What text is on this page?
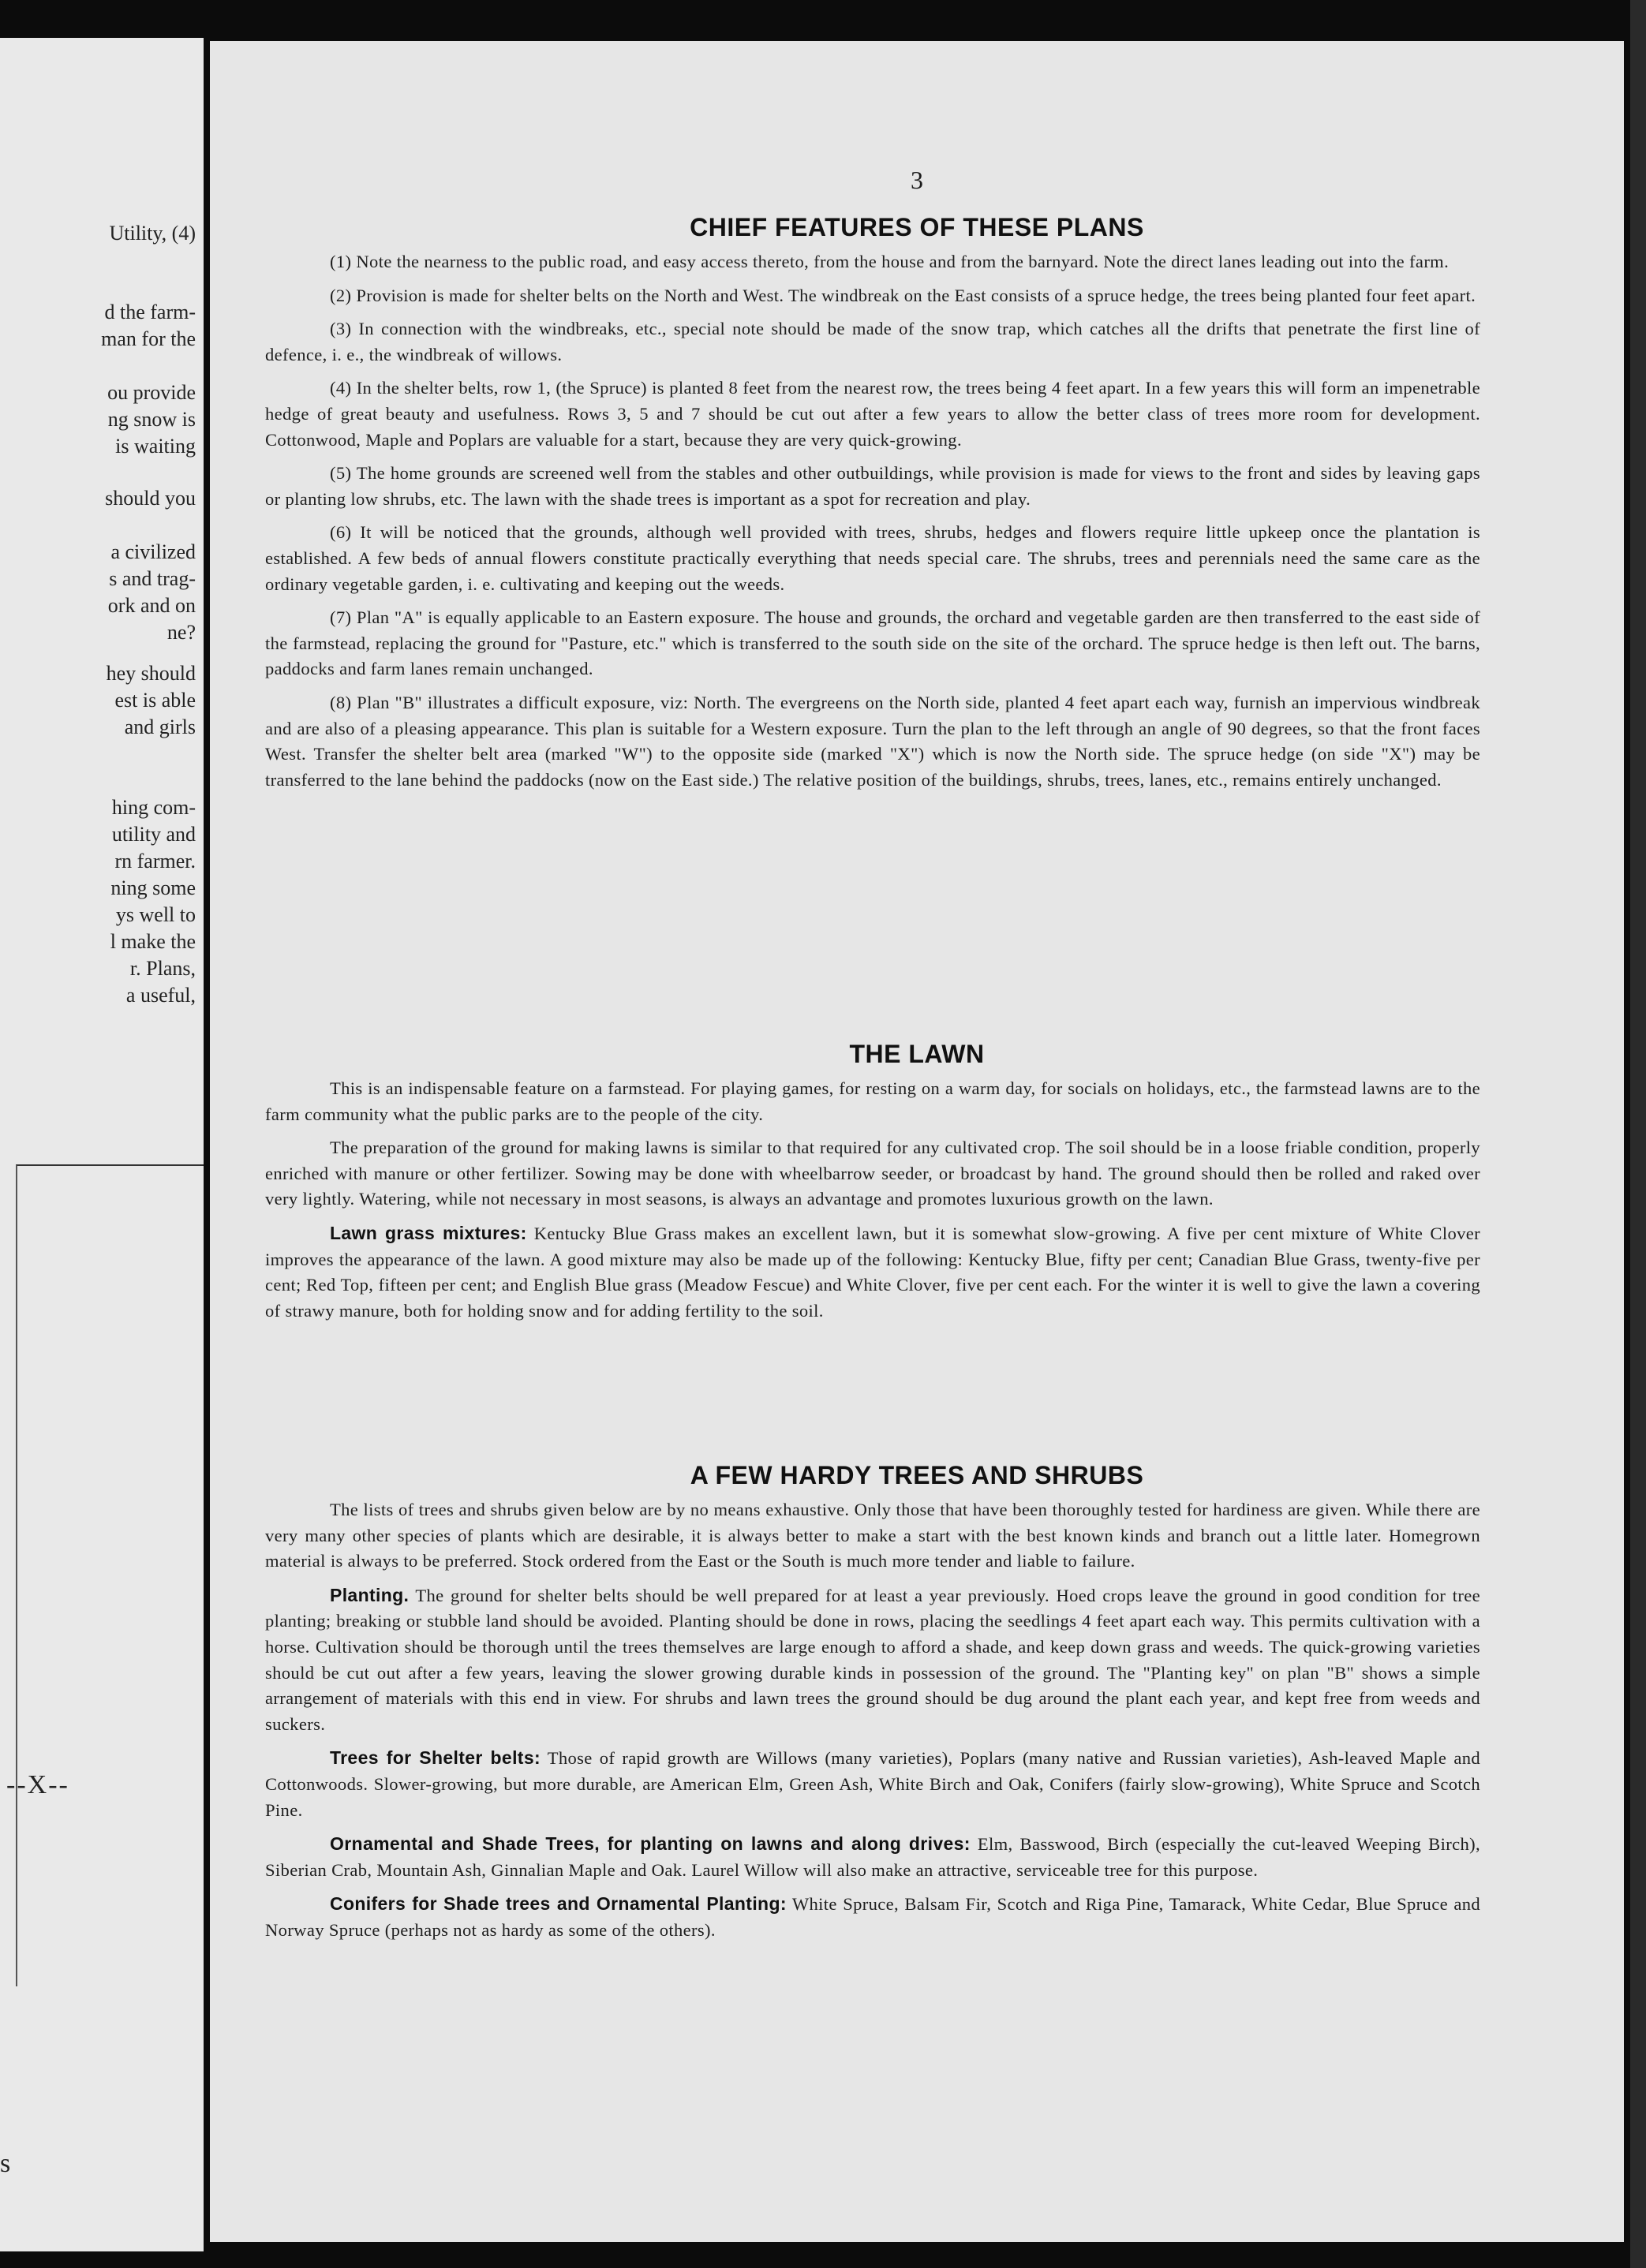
Utility, (4)
d the farm-
man for the
ou provide
ng snow is
is waiting
should you
a civilized
s and trag-
ork and on
ne?
hey should
est is able
and girls
hing com-
utility and
rn farmer.
ning some
ys well to
l make the
r. Plans,
a useful,
--X--
s
3
CHIEF FEATURES OF THESE PLANS

(1) Note the nearness to the public road, and easy access thereto, from the house and from the barnyard. Note the direct lanes leading out into the farm.

(2) Provision is made for shelter belts on the North and West. The windbreak on the East consists of a spruce hedge, the trees being planted four feet apart.

(3) In connection with the windbreaks, etc., special note should be made of the snow trap, which catches all the drifts that penetrate the first line of defence, i. e., the windbreak of willows.

(4) In the shelter belts, row 1, (the Spruce) is planted 8 feet from the nearest row, the trees being 4 feet apart. In a few years this will form an impenetrable hedge of great beauty and usefulness. Rows 3, 5 and 7 should be cut out after a few years to allow the better class of trees more room for development. Cottonwood, Maple and Poplars are valuable for a start, because they are very quick-growing.

(5) The home grounds are screened well from the stables and other outbuildings, while provision is made for views to the front and sides by leaving gaps or planting low shrubs, etc. The lawn with the shade trees is important as a spot for recreation and play.

(6) It will be noticed that the grounds, although well provided with trees, shrubs, hedges and flowers require little upkeep once the plantation is established. A few beds of annual flowers constitute practically everything that needs special care. The shrubs, trees and perennials need the same care as the ordinary vegetable garden, i. e. cultivating and keeping out the weeds.

(7) Plan "A" is equally applicable to an Eastern exposure. The house and grounds, the orchard and vegetable garden are then transferred to the east side of the farmstead, replacing the ground for "Pasture, etc." which is transferred to the south side on the site of the orchard. The spruce hedge is then left out. The barns, paddocks and farm lanes remain unchanged.

(8) Plan "B" illustrates a difficult exposure, viz: North. The evergreens on the North side, planted 4 feet apart each way, furnish an impervious windbreak and are also of a pleasing appearance. This plan is suitable for a Western exposure. Turn the plan to the left through an angle of 90 degrees, so that the front faces West. Transfer the shelter belt area (marked "W") to the opposite side (marked "X") which is now the North side. The spruce hedge (on side "X") may be transferred to the lane behind the paddocks (now on the East side.) The relative position of the buildings, shrubs, trees, lanes, etc., remains entirely unchanged.

THE LAWN

This is an indispensable feature on a farmstead. For playing games, for resting on a warm day, for socials on holidays, etc., the farmstead lawns are to the farm community what the public parks are to the people of the city.

The preparation of the ground for making lawns is similar to that required for any cultivated crop. The soil should be in a loose friable condition, properly enriched with manure or other fertilizer. Sowing may be done with wheelbarrow seeder, or broadcast by hand. The ground should then be rolled and raked over very lightly. Watering, while not necessary in most seasons, is always an advantage and promotes luxurious growth on the lawn.

Lawn grass mixtures: Kentucky Blue Grass makes an excellent lawn, but it is somewhat slow-growing. A five per cent mixture of White Clover improves the appearance of the lawn. A good mixture may also be made up of the following: Kentucky Blue, fifty per cent; Canadian Blue Grass, twenty-five per cent; Red Top, fifteen per cent; and English Blue grass (Meadow Fescue) and White Clover, five per cent each. For the winter it is well to give the lawn a covering of strawy manure, both for holding snow and for adding fertility to the soil.

A FEW HARDY TREES AND SHRUBS

The lists of trees and shrubs given below are by no means exhaustive. Only those that have been thoroughly tested for hardiness are given. While there are very many other species of plants which are desirable, it is always better to make a start with the best known kinds and branch out a little later. Homegrown material is always to be preferred. Stock ordered from the East or the South is much more tender and liable to failure.

Planting. The ground for shelter belts should be well prepared for at least a year previously. Hoed crops leave the ground in good condition for tree planting; breaking or stubble land should be avoided. Planting should be done in rows, placing the seedlings 4 feet apart each way. This permits cultivation with a horse. Cultivation should be thorough until the trees themselves are large enough to afford a shade, and keep down grass and weeds. The quick-growing varieties should be cut out after a few years, leaving the slower growing durable kinds in possession of the ground. The "Planting key" on plan "B" shows a simple arrangement of materials with this end in view. For shrubs and lawn trees the ground should be dug around the plant each year, and kept free from weeds and suckers.

Trees for Shelter belts: Those of rapid growth are Willows (many varieties), Poplars (many native and Russian varieties), Ash-leaved Maple and Cottonwoods. Slower-growing, but more durable, are American Elm, Green Ash, White Birch and Oak, Conifers (fairly slow-growing), White Spruce and Scotch Pine.

Ornamental and Shade Trees, for planting on lawns and along drives: Elm, Basswood, Birch (especially the cut-leaved Weeping Birch), Siberian Crab, Mountain Ash, Ginnalian Maple and Oak. Laurel Willow will also make an attractive, serviceable tree for this purpose.

Conifers for Shade trees and Ornamental Planting: White Spruce, Balsam Fir, Scotch and Riga Pine, Tamarack, White Cedar, Blue Spruce and Norway Spruce (perhaps not as hardy as some of the others).
